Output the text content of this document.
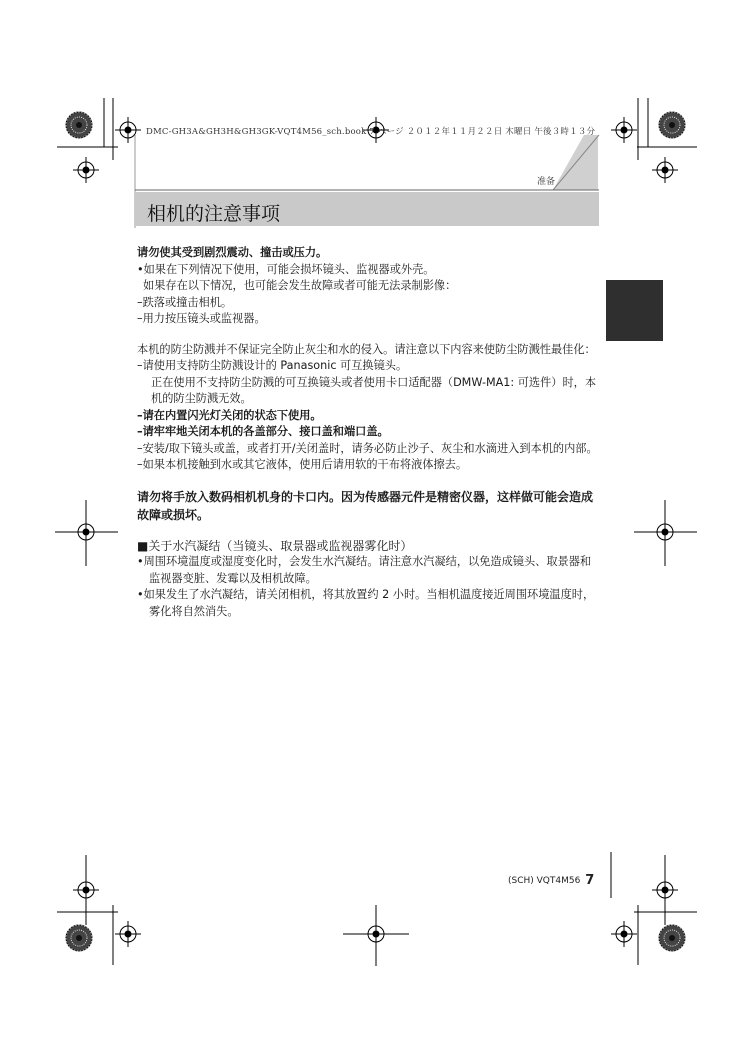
DMC-GH3A&GH3H&GH3GK-VQT4M56_sch.book 7 ページ ２０１２年１１月２２日 木曜日 午後３時１３分
准备
相机的注意事项

请勿使其受到剧烈震动、撞击或压力。

•如果在下列情况下使用，可能会损坏镜头、监视器或外壳。

如果存在以下情况，也可能会发生故障或者可能无法录制影像：

–跌落或撞击相机。

–用力按压镜头或监视器。

本机的防尘防溅并不保证完全防止灰尘和水的侵入。请注意以下内容来使防尘防溅性最佳化：

–请使用支持防尘防溅设计的 Panasonic 可互换镜头。

正在使用不支持防尘防溅的可互换镜头或者使用卡口适配器（DMW-MA1: 可选件）时，本机的防尘防溅无效。

–请在内置闪光灯关闭的状态下使用。

–请牢牢地关闭本机的各盖部分、接口盖和端口盖。

–安装/取下镜头或盖，或者打开/关闭盖时，请务必防止沙子、灰尘和水滴进入到本机的内部。

–如果本机接触到水或其它液体，使用后请用软的干布将液体擦去。

请勿将手放入数码相机机身的卡口内。因为传感器元件是精密仪器，这样做可能会造成故障或损坏。

■关于水汽凝结（当镜头、取景器或监视器雾化时）

•周围环境温度或湿度变化时，会发生水汽凝结。请注意水汽凝结，以免造成镜头、取景器和监视器变脏、发霉以及相机故障。

•如果发生了水汽凝结，请关闭相机，将其放置约 2 小时。当相机温度接近周围环境温度时，雾化将自然消失。

(SCH) VQT4M56 7
